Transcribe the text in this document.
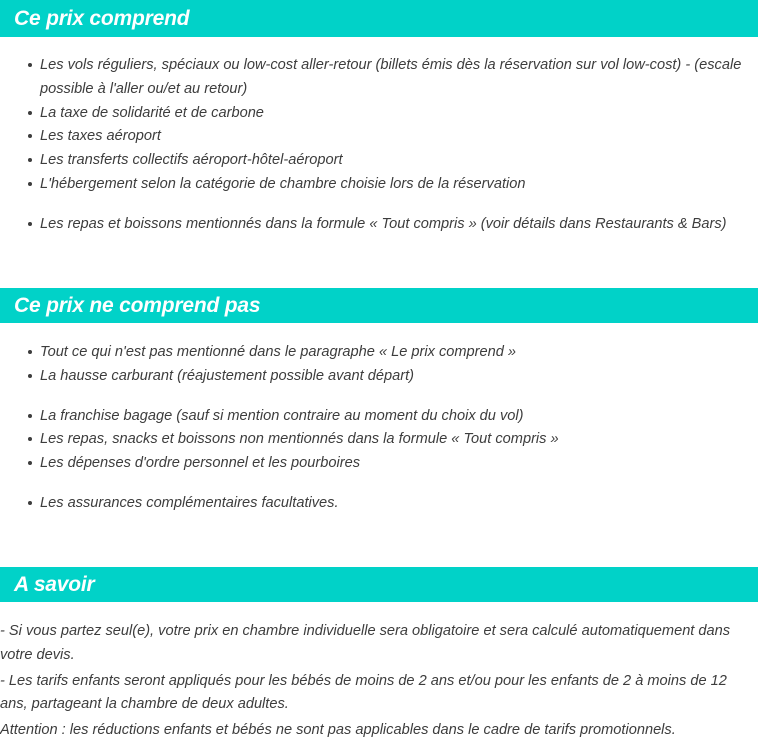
Ce prix comprend
Les vols réguliers, spéciaux ou low-cost aller-retour (billets émis dès la réservation sur vol low-cost) - (escale possible à l'aller ou/et au retour)
La taxe de solidarité et de carbone
Les taxes aéroport
Les transferts collectifs aéroport-hôtel-aéroport
L'hébergement selon la catégorie de chambre choisie lors de la réservation
Les repas et boissons mentionnés dans la formule « Tout compris » (voir détails dans Restaurants & Bars)
Ce prix ne comprend pas
Tout ce qui n'est pas mentionné dans le paragraphe « Le prix comprend »
La hausse carburant (réajustement possible avant départ)
La franchise bagage (sauf si mention contraire au moment du choix du vol)
Les repas, snacks et boissons non mentionnés dans la formule « Tout compris »
Les dépenses d'ordre personnel et les pourboires
Les assurances complémentaires facultatives.
A savoir

- Si vous partez seul(e), votre prix en chambre individuelle sera obligatoire et sera calculé automatiquement dans votre devis.

- Les tarifs enfants seront appliqués pour les bébés de moins de 2 ans et/ou pour les enfants de 2 à moins de 12 ans, partageant la chambre de deux adultes.

Attention : les réductions enfants et bébés ne sont pas applicables dans le cadre de tarifs promotionnels.
